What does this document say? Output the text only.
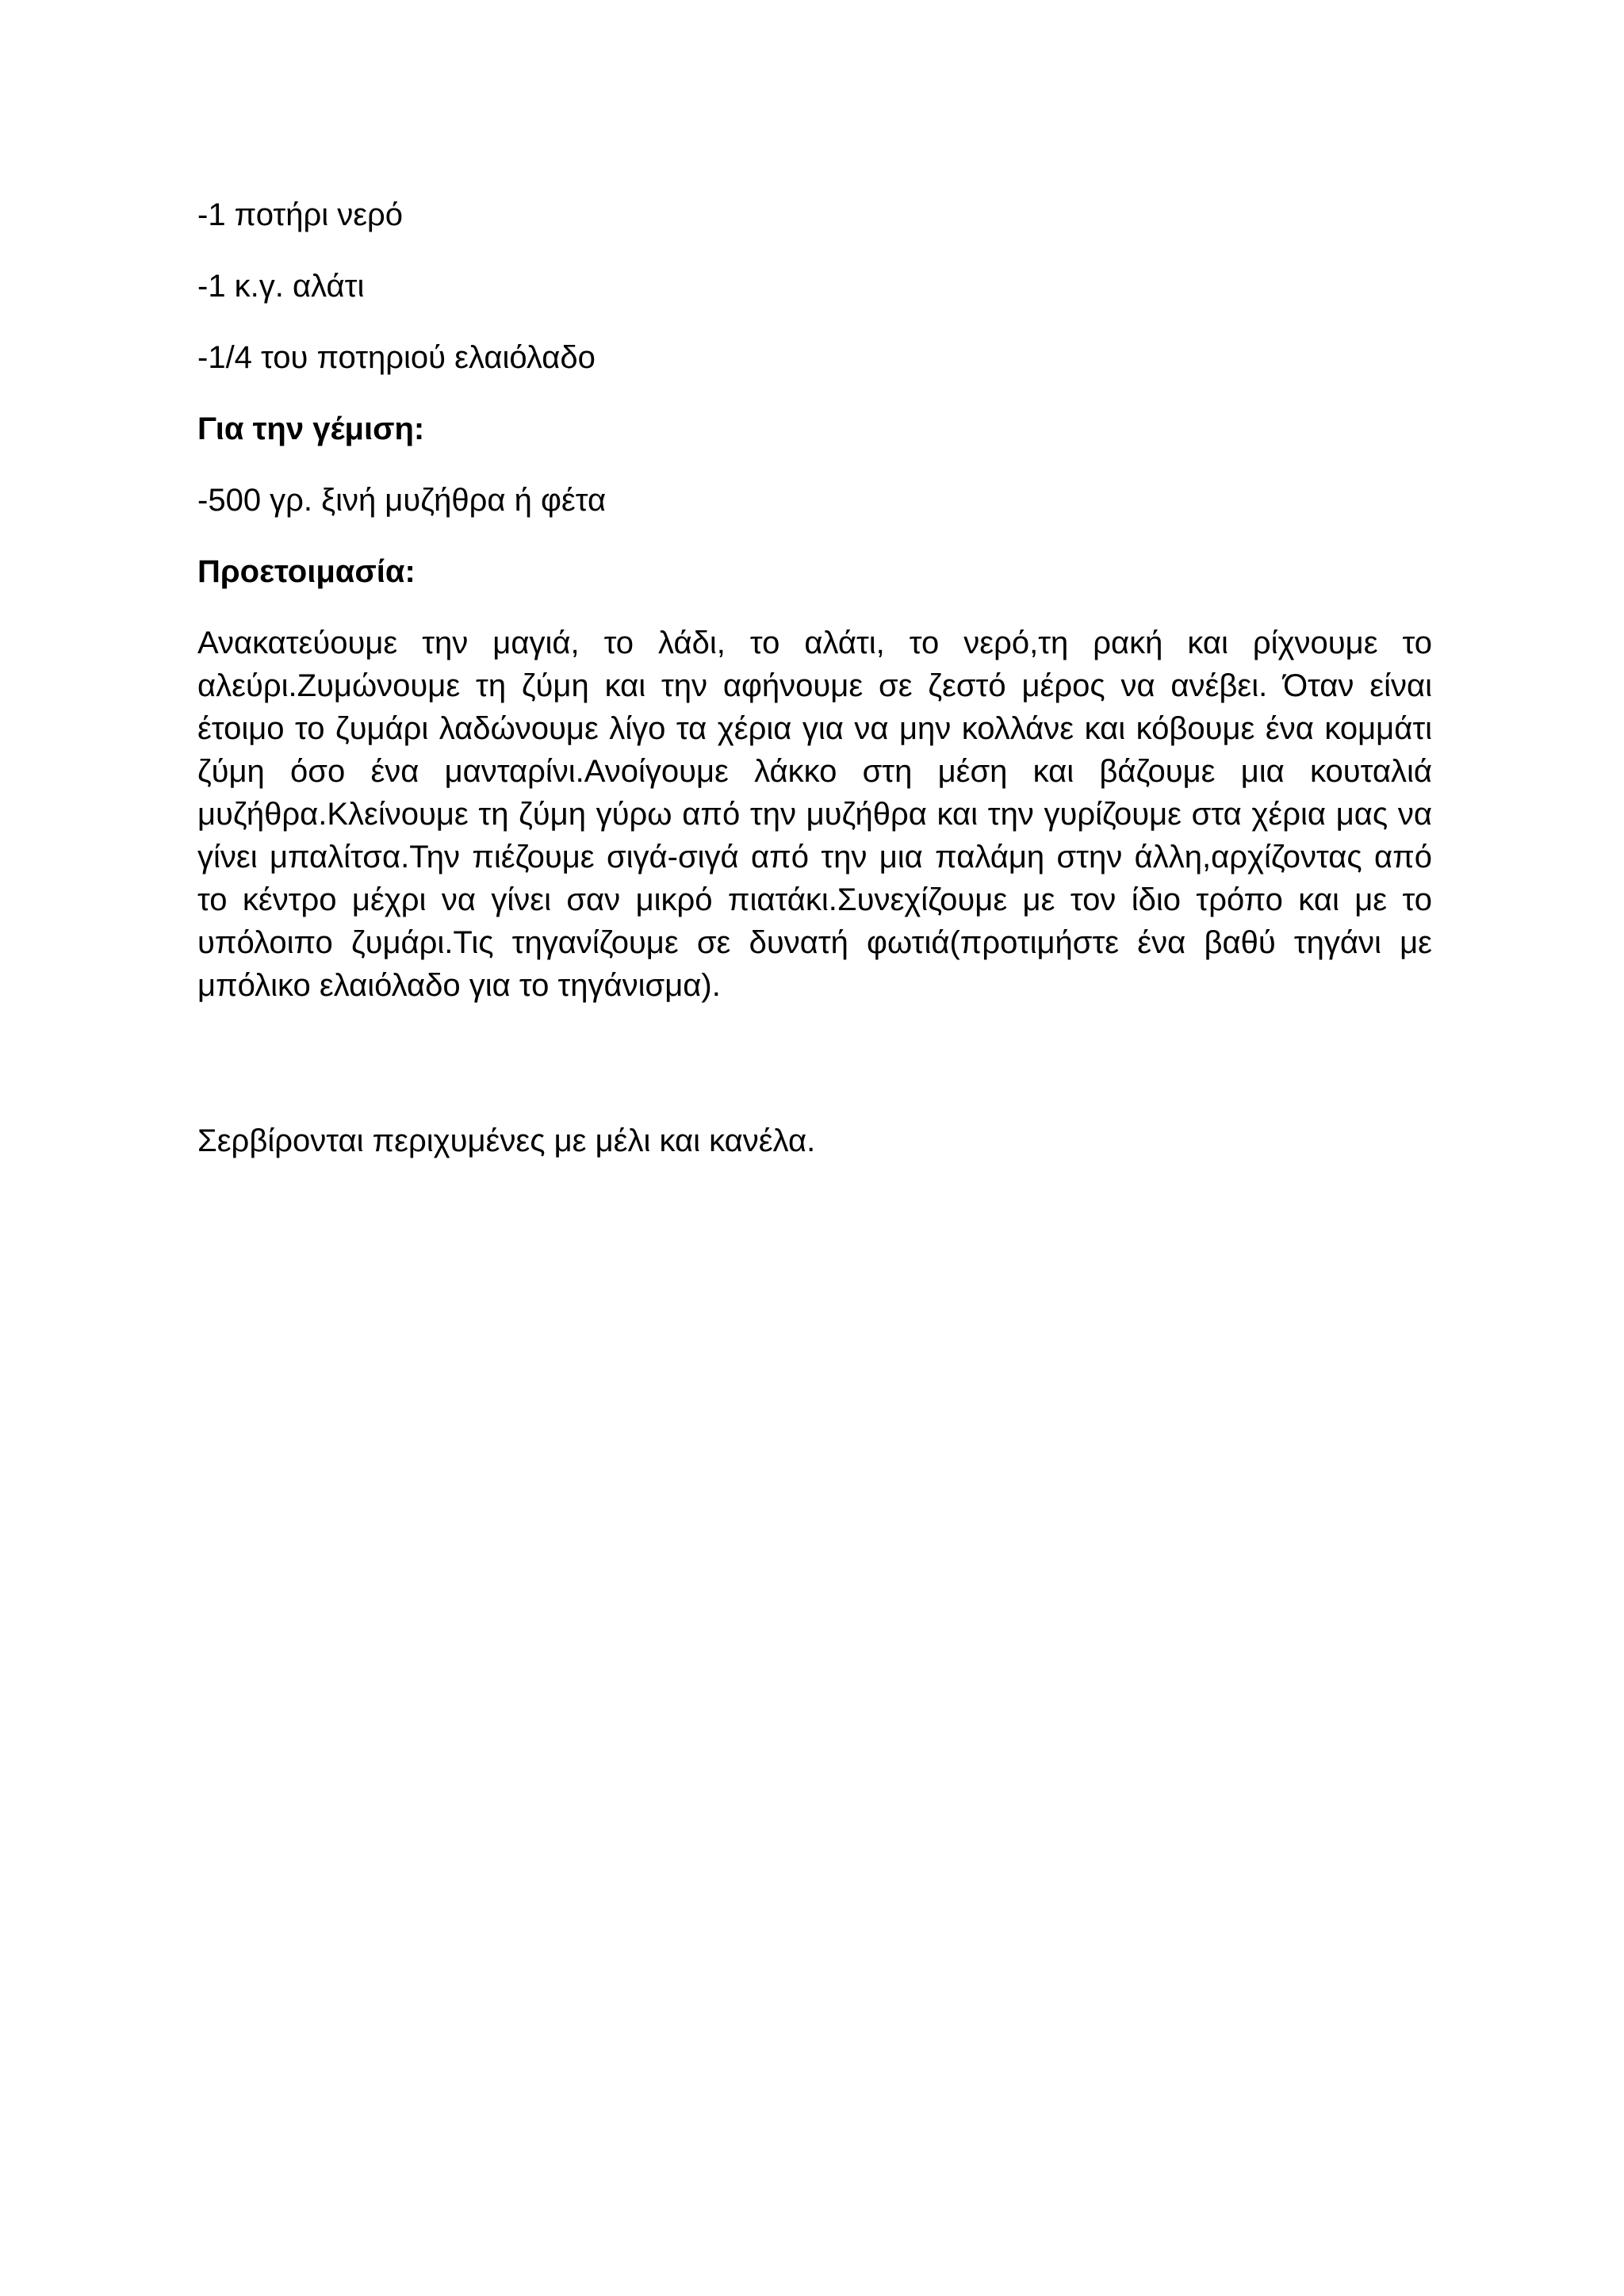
-1 ποτήρι νερό

-1 κ.γ. αλάτι

-1/4 του ποτηριού ελαιόλαδο

Για την γέμιση:

-500 γρ. ξινή μυζήθρα ή φέτα

Προετοιμασία:

Ανακατεύουμε την μαγιά, το λάδι, το αλάτι, το νερό,τη ρακή και ρίχνουμε το αλεύρι.Ζυμώνουμε τη ζύμη και την αφήνουμε σε ζεστό μέρος να ανέβει. Όταν είναι έτοιμο το ζυμάρι λαδώνουμε λίγο τα χέρια για να μην κολλάνε και κόβουμε ένα κομμάτι ζύμη όσο ένα μανταρίνι.Ανοίγουμε λάκκο στη μέση και βάζουμε μια κουταλιά μυζήθρα.Κλείνουμε τη ζύμη γύρω από την μυζήθρα και την γυρίζουμε στα χέρια μας να γίνει μπαλίτσα.Την πιέζουμε σιγά-σιγά από την μια παλάμη στην άλλη,αρχίζοντας από το κέντρο μέχρι να γίνει σαν μικρό πιατάκι.Συνεχίζουμε με τον ίδιο τρόπο και με το υπόλοιπο ζυμάρι.Τις τηγανίζουμε σε δυνατή φωτιά(προτιμήστε ένα βαθύ τηγάνι με μπόλικο ελαιόλαδο για το τηγάνισμα).

Σερβίρονται περιχυμένες με μέλι και κανέλα.
